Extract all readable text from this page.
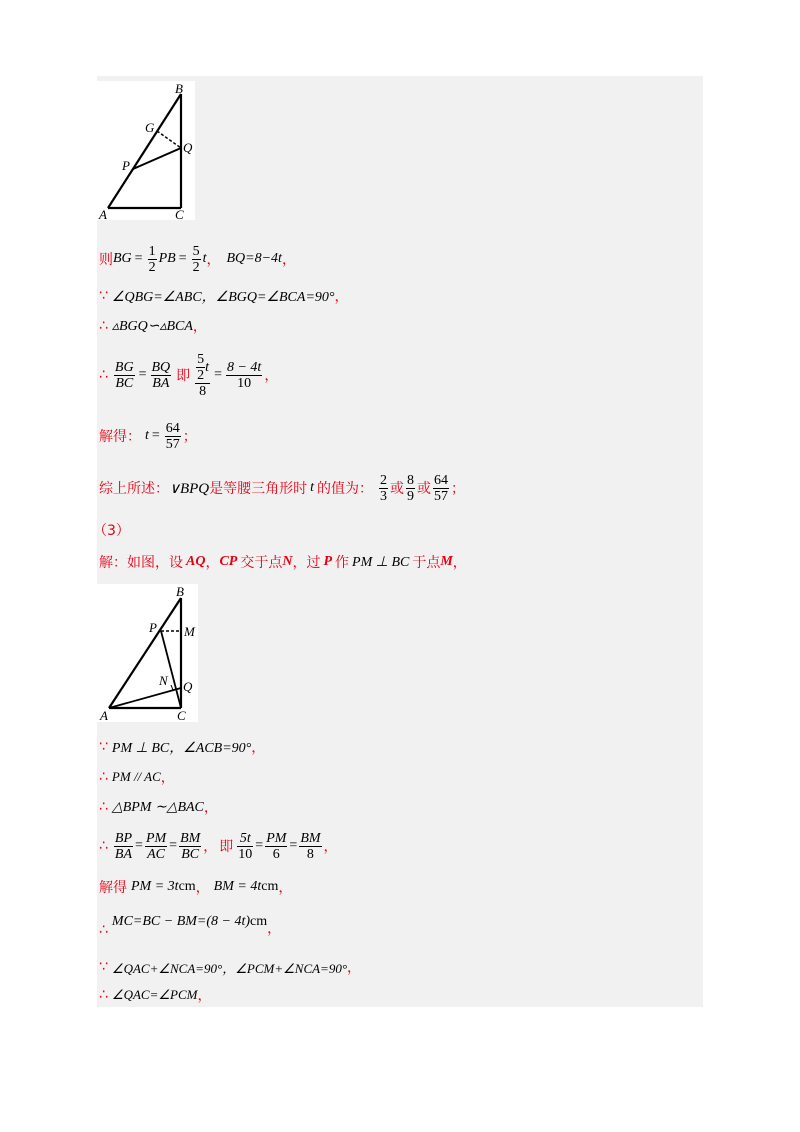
B
G
Q
P
A	C
则 BG = $\frac{1}{2}$ PB = $\frac{5}{2}$ t ， BQ=8−4t ，
∵ ∠QBG=∠ABC，∠BGQ=∠BCA=90° ，
∴ ▵BGQ∽▵BCA ，
∴ $\frac{BG}{BC} = \frac{BQ}{BA}$ 即 $\frac{\frac{5}{2} t}{8} = \frac{8 - 4t}{10}$ ，
解得： $t = \frac{64}{57}$ ；
综上所述： ∨BPQ 是等腰三角形时 t 的值为： $\frac{2}{3}$ 或 $\frac{8}{9}$ 或 $\frac{64}{57}$ ；
（3）
解：如图，设 AQ ， CP 交于点 N ，过 P 作 PM ⊥ BC 于点 M ，
B
P M
N Q
A	C
∵ PM ⊥ BC，∠ACB=90° ，
∴ PM // AC ，
∴ △BPM ∼△BAC ，
∴ $\frac{BP}{BA} = \frac{PM}{AC} = \frac{BM}{BC}$ ， 即 $\frac{5t}{10} = \frac{PM}{6} = \frac{BM}{8}$ ，
解得 PM = 3t cm ， BM = 4t cm ，
∴
MC=BC − BM=(8 − 4t) cm ，
∵ ∠QAC+∠NCA=90°，∠PCM+∠NCA=90° ，
∴ ∠QAC=∠PCM ，
